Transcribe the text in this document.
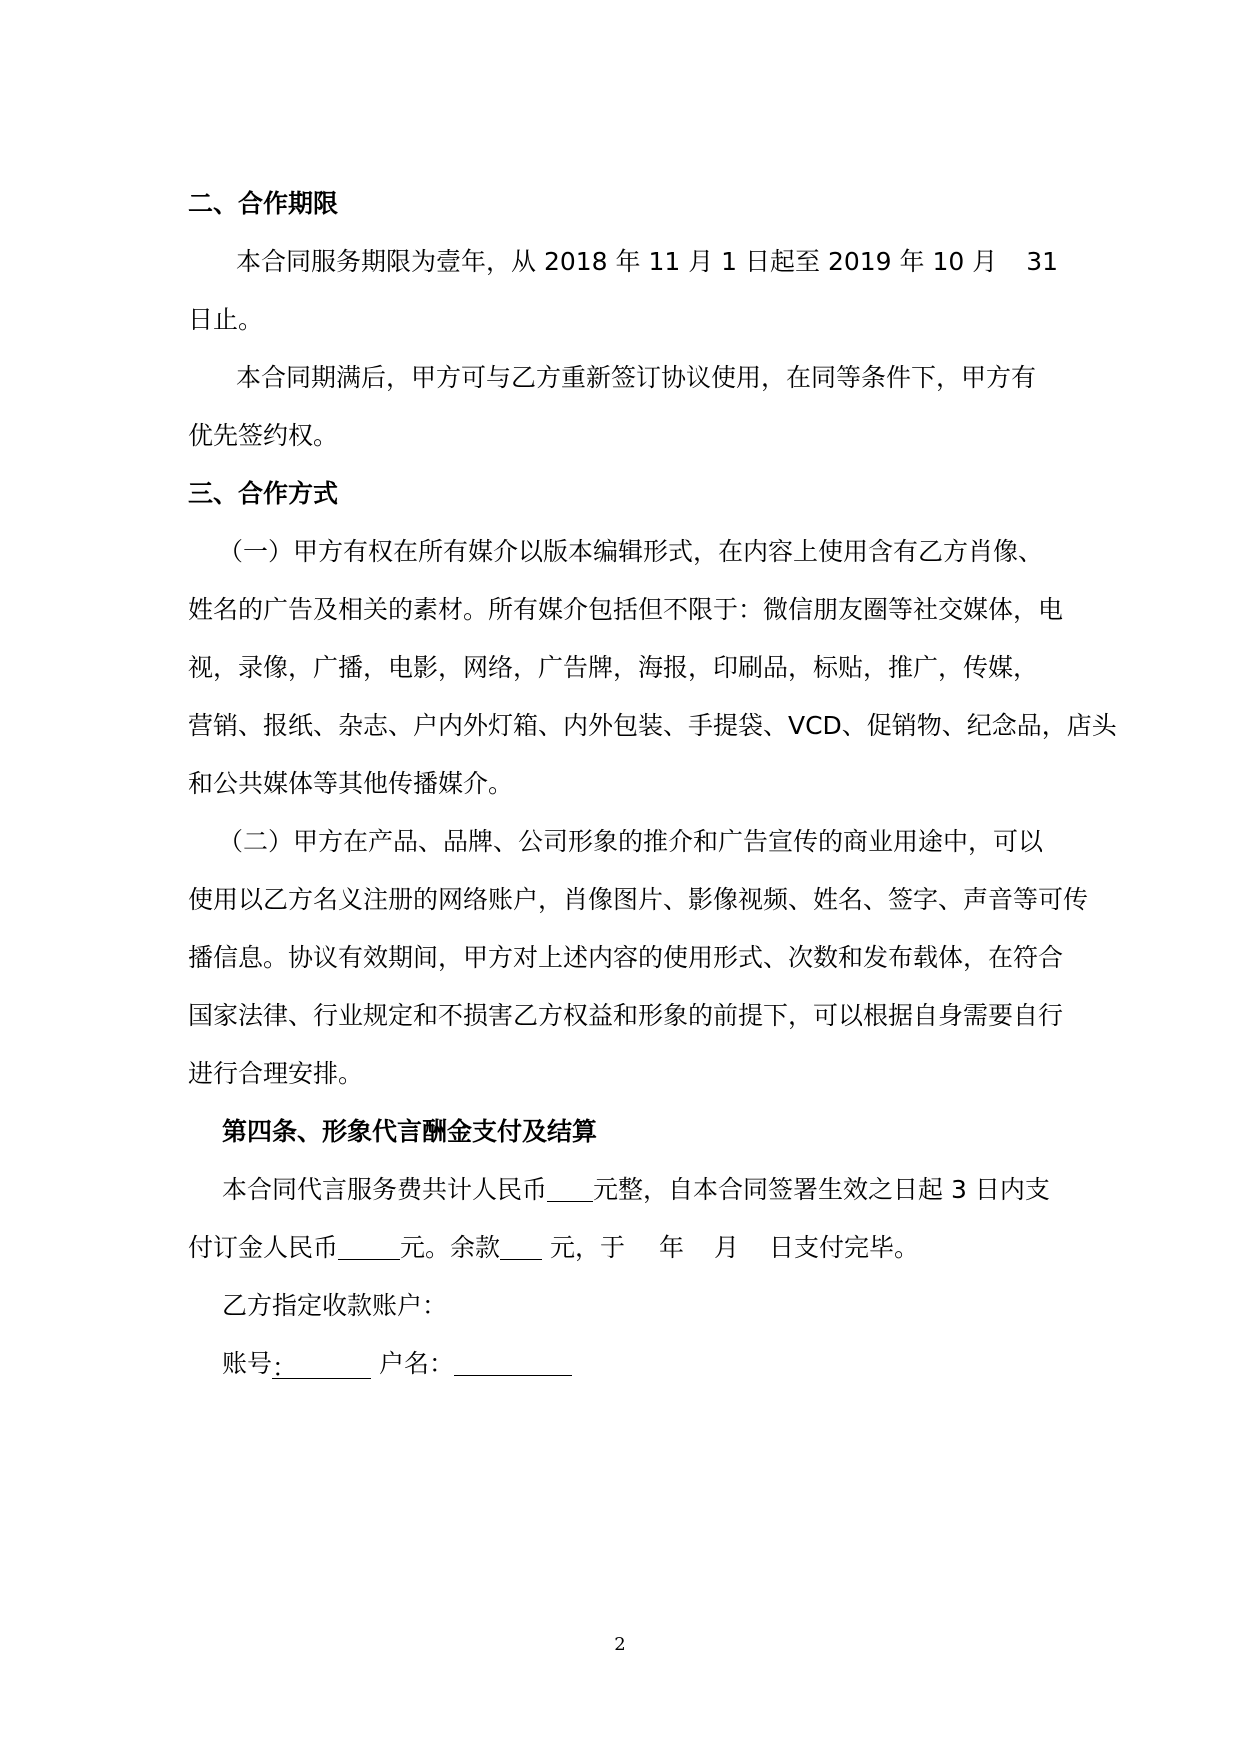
二、合作期限
本合同服务期限为壹年，从 2018 年 11 月 1 日起至 2019 年 10 月 31
日止。
本合同期满后，甲方可与乙方重新签订协议使用，在同等条件下，甲方有
优先签约权。
三、合作方式
（一）甲方有权在所有媒介以版本编辑形式，在内容上使用含有乙方肖像、
姓名的广告及相关的素材。所有媒介包括但不限于：微信朋友圈等社交媒体，电
视，录像，广播，电影，网络，广告牌，海报，印刷品，标贴，推广，传媒，
营销、报纸、杂志、户内外灯箱、内外包装、手提袋、VCD、促销物、纪念品，店头
和公共媒体等其他传播媒介。
（二）甲方在产品、品牌、公司形象的推介和广告宣传的商业用途中，可以
使用以乙方名义注册的网络账户，肖像图片、影像视频、姓名、签字、声音等可传
播信息。协议有效期间，甲方对上述内容的使用形式、次数和发布载体，在符合
国家法律、行业规定和不损害乙方权益和形象的前提下，可以根据自身需要自行
进行合理安排。
第四条、形象代言酬金支付及结算
本合同代言服务费共计人民币 元整，自本合同签署生效之日起 3 日内支
付订金人民币 元。余款 元，于 年 月 日支付完毕。
乙方指定收款账户：
账号：	户名：
2
